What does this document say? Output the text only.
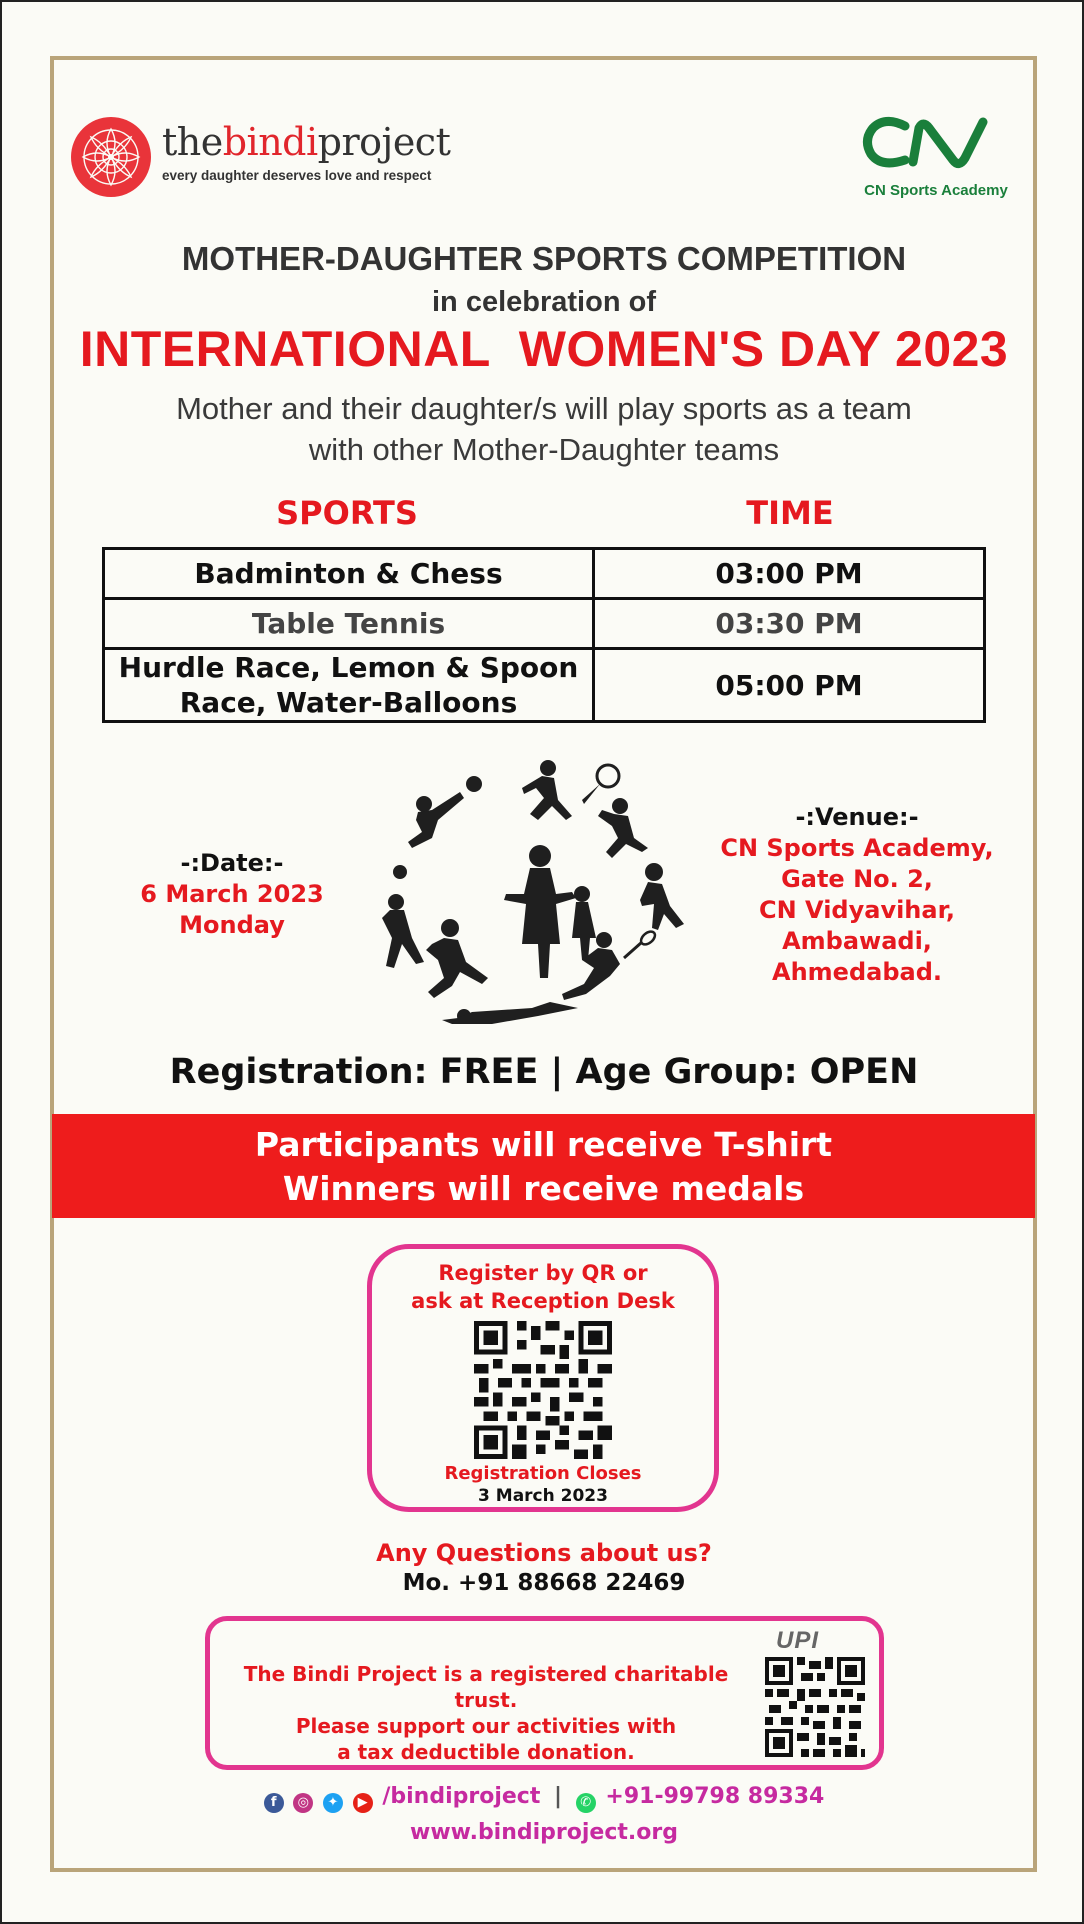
thebindiproject
every daughter deserves love and respect
CN Sports Academy
MOTHER-DAUGHTER SPORTS COMPETITION
in celebration of
INTERNATIONAL  WOMEN'S DAY 2023
Mother and their daughter/s will play sports as a team
with other Mother-Daughter teams
SPORTS	TIME
Badminton & Chess	03:00 PM
Table Tennis	03:30 PM

Hurdle Race, Lemon & Spoon
Race, Water-Balloons	05:00 PM
-:Date:-
6 March 2023
Monday
-:Venue:-
CN Sports Academy,
Gate No. 2,
CN Vidyavihar,
Ambawadi,
Ahmedabad.
Registration: FREE | Age Group: OPEN
Participants will receive T-shirt
Winners will receive medals
Register by QR or
ask at Reception Desk
Registration Closes
3 March 2023
Any Questions about us?
Mo. +91 88668 22469
The Bindi Project is a registered charitable trust.
Please support our activities with
a tax deductible donation.
UPI
f ◎ ✦ ▶ /bindiproject | ✆ +91-99798 89334
www.bindiproject.org
